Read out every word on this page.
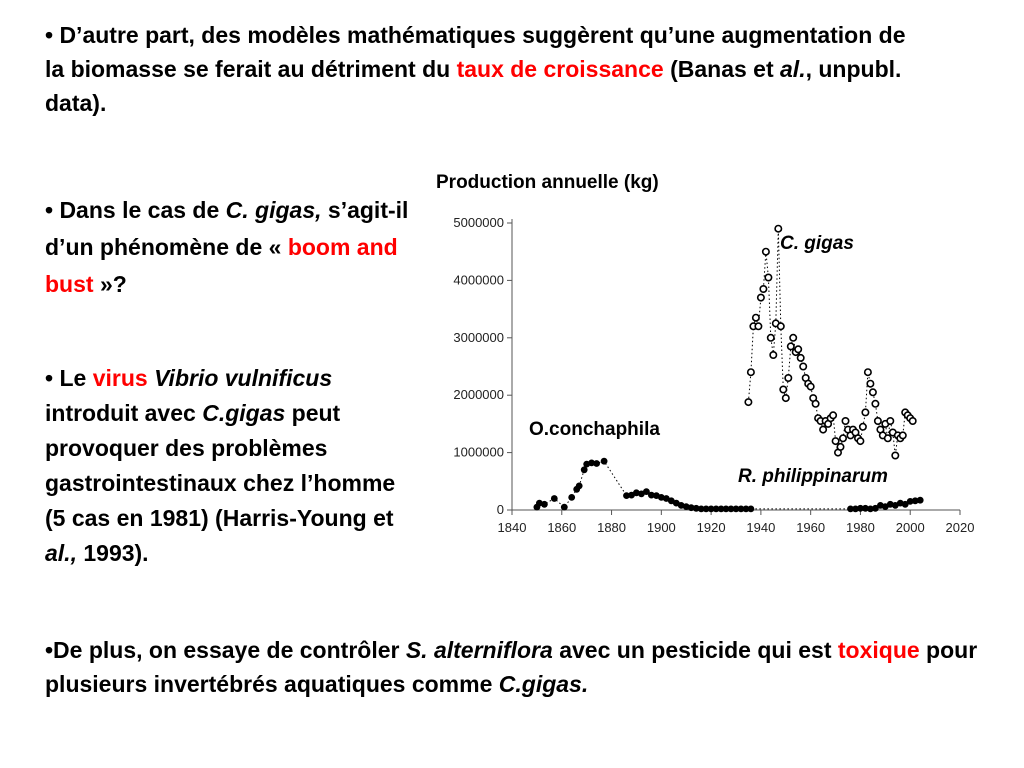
• D’autre part, des modèles mathématiques suggèrent qu’une augmentation de la biomasse se ferait au détriment du taux de croissance (Banas et al., unpubl. data).

• Dans le cas de C. gigas, s’agit-il d’un phénomène de « boom and bust »?

• Le virus Vibrio vulnificus introduit avec C.gigas peut provoquer des problèmes gastrointestinaux chez l’homme (5 cas en 1981) (Harris-Young et al., 1993).

•De plus, on essaye de contrôler S. alterniflora avec un pesticide qui est toxique pour plusieurs invertébrés aquatiques comme C.gigas.

Production annuelle (kg)
0
1000000
2000000
3000000
4000000
5000000
1840 1860 1880 1900 1920 1940 1960 1980 2000 2020
C. gigas
O.conchaphila
R. philippinarum
